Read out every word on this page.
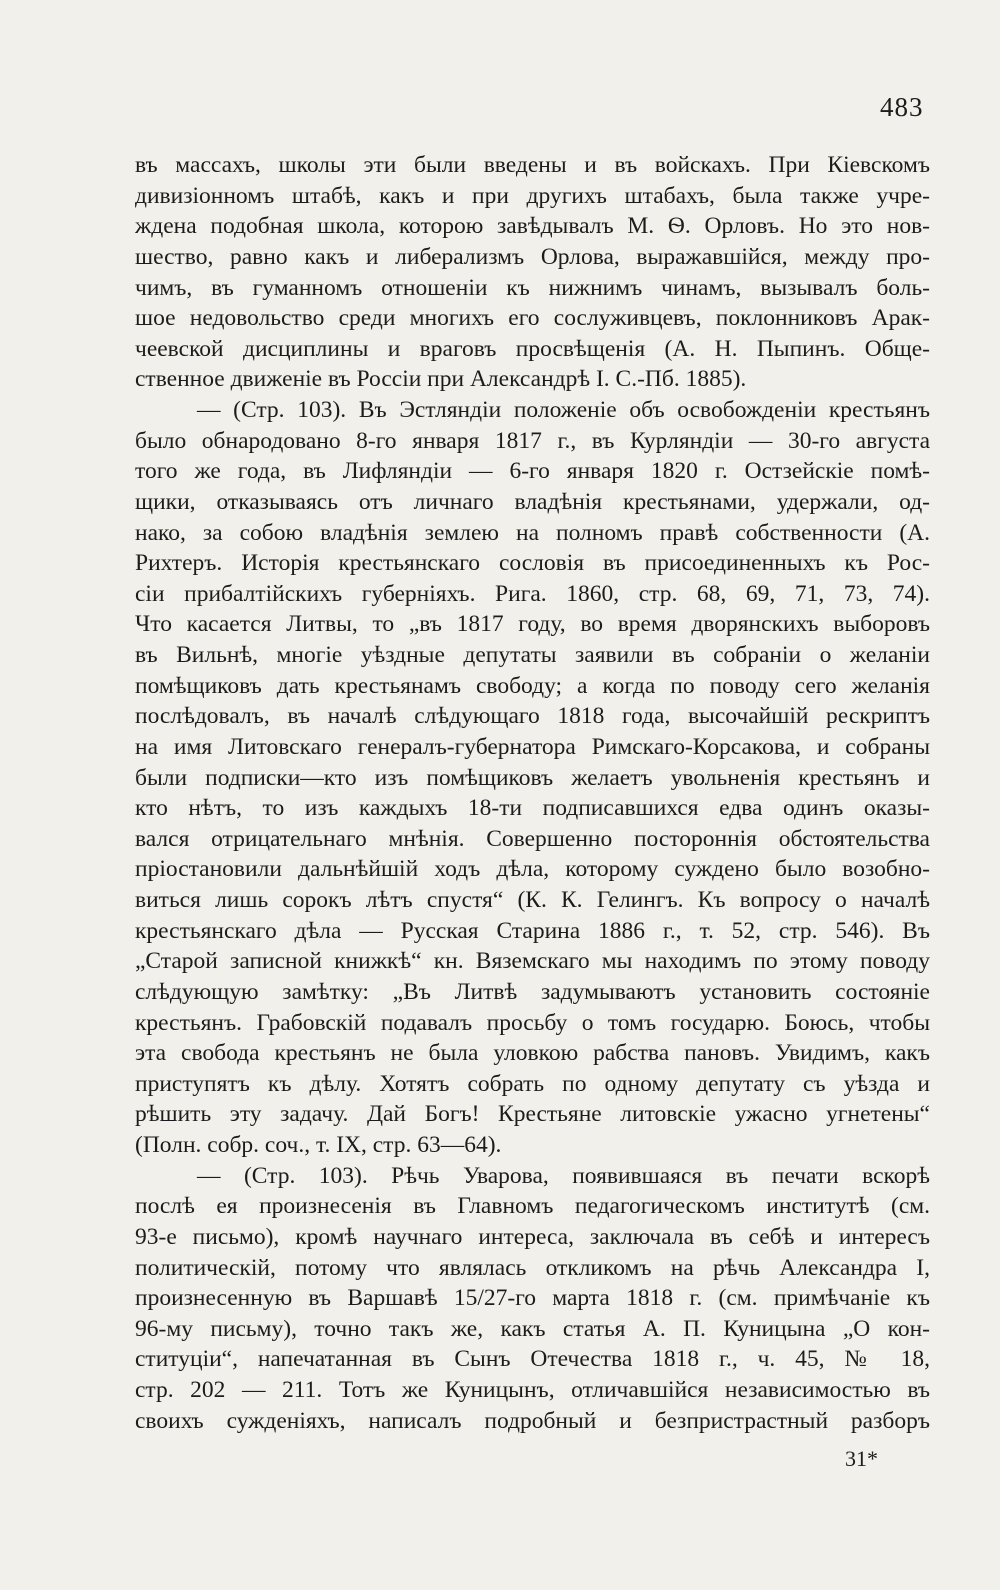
483
въ массахъ, школы эти были введены и въ войскахъ. При Кіевскомъ
дивизіонномъ штабѣ, какъ и при другихъ штабахъ, была также учре-
ждена подобная школа, которою завѣдывалъ М. Ѳ. Орловъ. Но это нов-
шество, равно какъ и либерализмъ Орлова, выражавшійся, между про-
чимъ, въ гуманномъ отношеніи къ нижнимъ чинамъ, вызывалъ боль-
шое недовольство среди многихъ его сослуживцевъ, поклонниковъ Арак-
чеевской дисциплины и враговъ просвѣщенія (А. Н. Пыпинъ. Обще-
ственное движеніе въ Россіи при Александрѣ I. С.-Пб. 1885).
— (Стр. 103). Въ Эстляндіи положеніе объ освобожденіи крестьянъ
было обнародовано 8-го января 1817 г., въ Курляндіи — 30-го августа
того же года, въ Лифляндіи — 6-го января 1820 г. Остзейскіе помѣ-
щики, отказываясь отъ личнаго владѣнія крестьянами, удержали, од-
нако, за собою владѣнія землею на полномъ правѣ собственности (А.
Рихтеръ. Исторія крестьянскаго сословія въ присоединенныхъ къ Рос-
сіи прибалтійскихъ губерніяхъ. Рига. 1860, стр. 68, 69, 71, 73, 74).
Что касается Литвы, то „въ 1817 году, во время дворянскихъ выборовъ
въ Вильнѣ, многіе уѣздные депутаты заявили въ собраніи о желаніи
помѣщиковъ дать крестьянамъ свободу; а когда по поводу сего желанія
послѣдовалъ, въ началѣ слѣдующаго 1818 года, высочайшій рескриптъ
на имя Литовскаго генералъ-губернатора Римскаго-Корсакова, и собраны
были подписки—кто изъ помѣщиковъ желаетъ увольненія крестьянъ и
кто нѣтъ, то изъ каждыхъ 18-ти подписавшихся едва одинъ оказы-
вался отрицательнаго мнѣнія. Совершенно постороннія обстоятельства
пріостановили дальнѣйшій ходъ дѣла, которому суждено было возобно-
виться лишь сорокъ лѣтъ спустя“ (К. К. Гелингъ. Къ вопросу о началѣ
крестьянскаго дѣла — Русская Старина 1886 г., т. 52, стр. 546). Въ
„Старой записной книжкѣ“ кн. Вяземскаго мы находимъ по этому поводу
слѣдующую замѣтку: „Въ Литвѣ задумываютъ установить состояніе
крестьянъ. Грабовскій подавалъ просьбу о томъ государю. Боюсь, чтобы
эта свобода крестьянъ не была уловкою рабства пановъ. Увидимъ, какъ
приступятъ къ дѣлу. Хотятъ собрать по одному депутату съ уѣзда и
рѣшить эту задачу. Дай Богъ! Крестьяне литовскіе ужасно угнетены“
(Полн. собр. соч., т. IX, стр. 63—64).
— (Стр. 103). Рѣчь Уварова, появившаяся въ печати вскорѣ
послѣ ея произнесенія въ Главномъ педагогическомъ институтѣ (см.
93-е письмо), кромѣ научнаго интереса, заключала въ себѣ и интересъ
политическій, потому что являлась откликомъ на рѣчь Александра I,
произнесенную въ Варшавѣ 15/27-го марта 1818 г. (см. примѣчаніе къ
96-му письму), точно такъ же, какъ статья А. П. Куницына „О кон-
ституціи“, напечатанная въ Сынъ Отечества 1818 г., ч. 45, № 18,
стр. 202 — 211. Тотъ же Куницынъ, отличавшійся независимостью въ
своихъ сужденіяхъ, написалъ подробный и безпристрастный разборъ
31*
